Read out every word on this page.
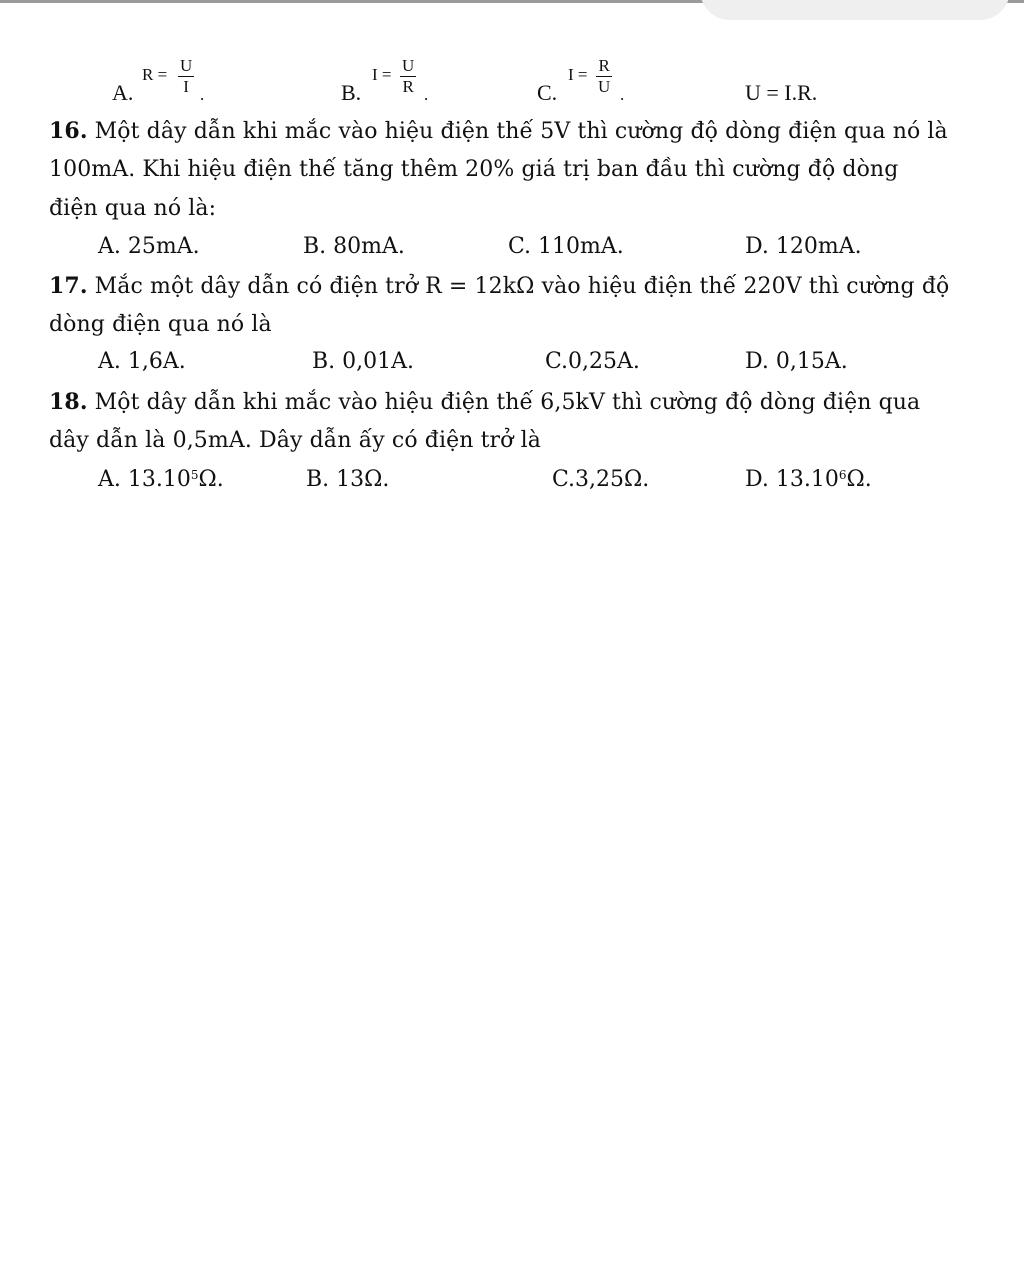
A.
R = U
I .	B.
I = U
R .	C.
I = R
U .	U = I.R.
16. Một dây dẫn khi mắc vào hiệu điện thế 5V thì cường độ dòng điện qua nó là
100mA. Khi hiệu điện thế tăng thêm 20% giá trị ban đầu thì cường độ dòng
điện qua nó là:
A. 25mA.	B. 80mA.	C. 110mA.	D. 120mA.
17. Mắc một dây dẫn có điện trở R = 12kΩ vào hiệu điện thế 220V thì cường độ
dòng điện qua nó là
A. 1,6A.	B. 0,01A.	C.0,25A.	D. 0,15A.
18. Một dây dẫn khi mắc vào hiệu điện thế 6,5kV thì cường độ dòng điện qua
dây dẫn là 0,5mA. Dây dẫn ấy có điện trở là
A. 13.10$^5$Ω.	B. 13Ω.	C.3,25Ω.	D. 13.10$^6$Ω.
